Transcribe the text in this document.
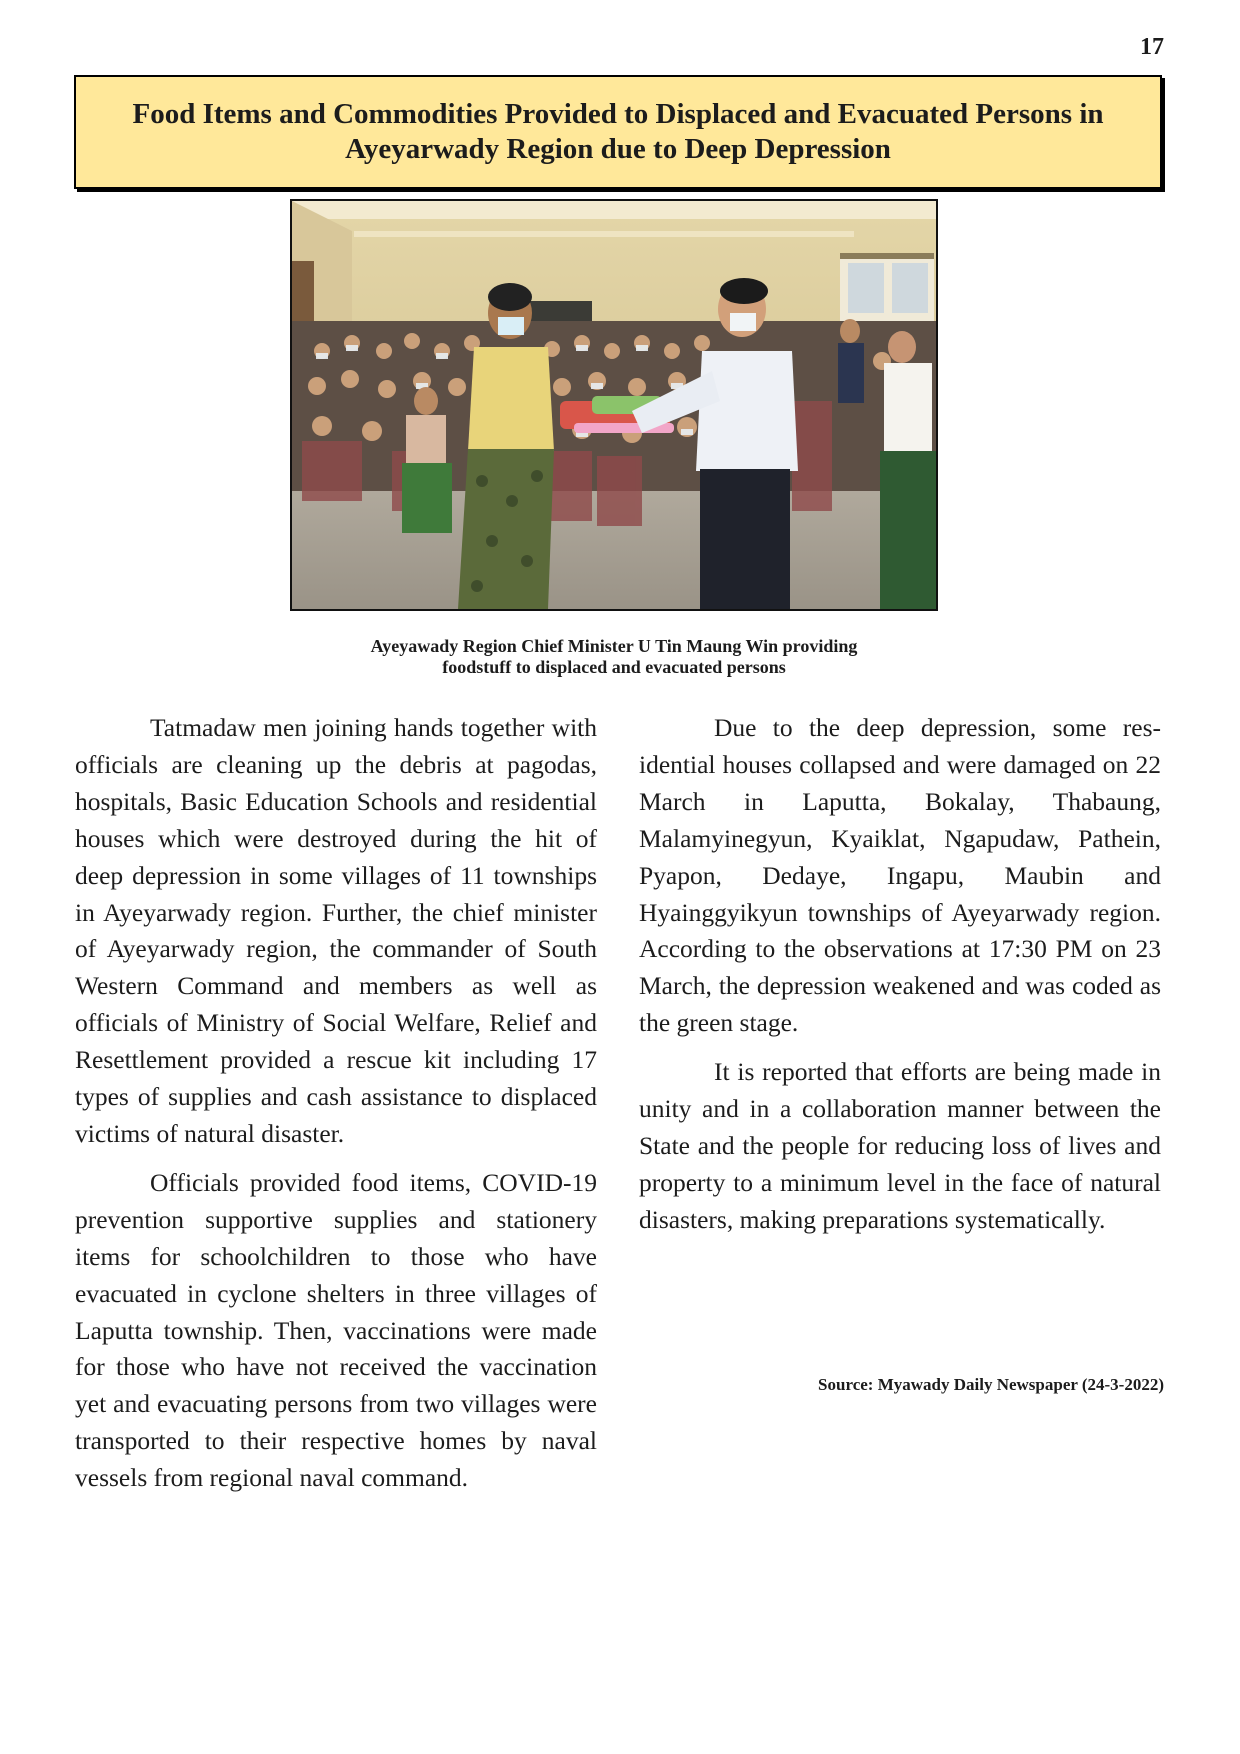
17
Food Items and Commodities Provided to Displaced and Evacuated Persons in Ayeyarwady Region due to Deep Depression
Ayeyawady Region Chief Minister U Tin Maung Win providing
foodstuff to displaced and evacuated persons

Tatmadaw men joining hands together with officials are cleaning up the debris at pagodas, hospitals, Basic Education Schools and residential houses which were destroyed during the hit of deep depression in some villages of 11 townships in Ayeyarwady region. Further, the chief minister of Ayeyarwady region, the commander of South Western Command and members as well as officials of Ministry of Social Welfare, Relief and Resettlement provided a rescue kit including 17 types of supplies and cash assistance to displaced victims of natural disaster.

Officials provided food items, COVID-19 prevention supportive supplies and stationery items for schoolchildren to those who have evacuated in cyclone shelters in three villages of Laputta township. Then, vaccinations were made for those who have not received the vaccination yet and evacuating persons from two villages were transported to their respective homes by naval vessels from regional naval command.

Due to the deep depression, some residential houses collapsed and were damaged on 22 March in Laputta, Bokalay, Thabaung, Malamyinegyun, Kyaiklat, Ngapudaw, Pathein, Pyapon, Dedaye, Ingapu, Maubin and Hyainggyikyun townships of Ayeyarwady region. According to the observations at 17:30 PM on 23 March, the depression weakened and was coded as the green stage.

It is reported that efforts are being made in unity and in a collaboration manner between the State and the people for reducing loss of lives and property to a minimum level in the face of natural disasters, making preparations systematically.

Source: Myawady Daily Newspaper (24-3-2022)
